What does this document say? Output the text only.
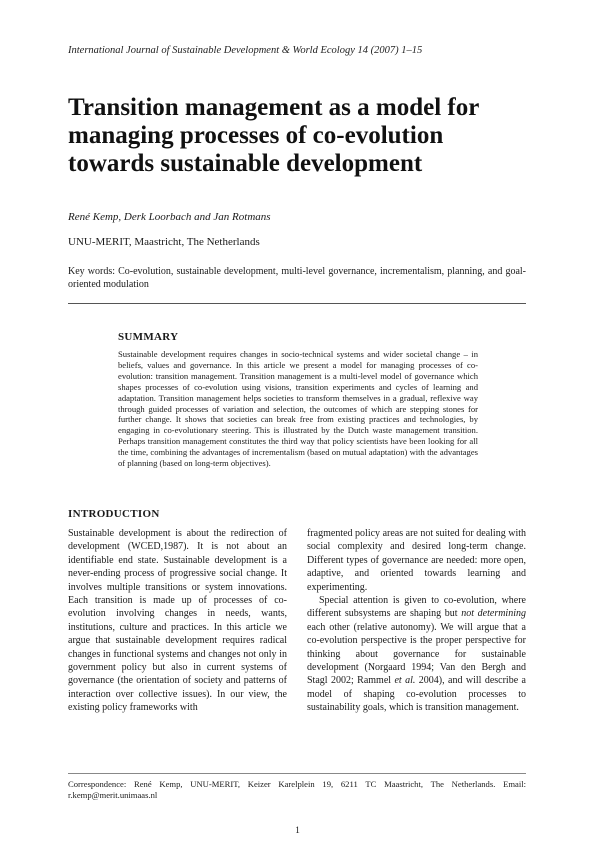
International Journal of Sustainable Development & World Ecology 14 (2007) 1–15
Transition management as a model for
managing processes of co-evolution
towards sustainable development
René Kemp, Derk Loorbach and Jan Rotmans
UNU-MERIT, Maastricht, The Netherlands
Key words: Co-evolution, sustainable development, multi-level governance, incrementalism, planning, and goal-oriented modulation
SUMMARY
Sustainable development requires changes in socio-technical systems and wider societal change – in beliefs, values and governance. In this article we present a model for managing processes of co-evolution: transition management. Transition management is a multi-level model of governance which shapes processes of co-evolution using visions, transition experiments and cycles of learning and adaptation. Transition management helps societies to transform themselves in a gradual, reflexive way through guided processes of variation and selection, the outcomes of which are stepping stones for further change. It shows that societies can break free from existing practices and technologies, by engaging in co-evolutionary steering. This is illustrated by the Dutch waste management transition. Perhaps transition management constitutes the third way that policy scientists have been looking for all the time, combining the advantages of incrementalism (based on mutual adaptation) with the advantages of planning (based on long-term objectives).
INTRODUCTION

Sustainable development is about the redirection of development (WCED,1987). It is not about an identifiable end state. Sustainable development is a never-ending process of progressive social change. It involves multiple transitions or system innovations. Each transition is made up of processes of co-evolution involving changes in needs, wants, institutions, culture and practices. In this article we argue that sustainable development requires radical changes in functional systems and changes not only in government policy but also in current systems of governance (the orientation of society and patterns of interaction over collective issues). In our view, the existing policy frameworks with

fragmented policy areas are not suited for dealing with social complexity and desired long-term change. Different types of governance are needed: more open, adaptive, and oriented towards learning and experimenting.

Special attention is given to co-evolution, where different subsystems are shaping but not determining each other (relative autonomy). We will argue that a co-evolution perspective is the proper perspective for thinking about governance for sustainable development (Norgaard 1994; Van den Bergh and Stagl 2002; Rammel et al. 2004), and will describe a model of shaping co-evolution processes to sustainability goals, which is transition management.

Correspondence: René Kemp, UNU-MERIT, Keizer Karelplein 19, 6211 TC Maastricht, The Netherlands. Email: r.kemp@merit.unimaas.nl
1
